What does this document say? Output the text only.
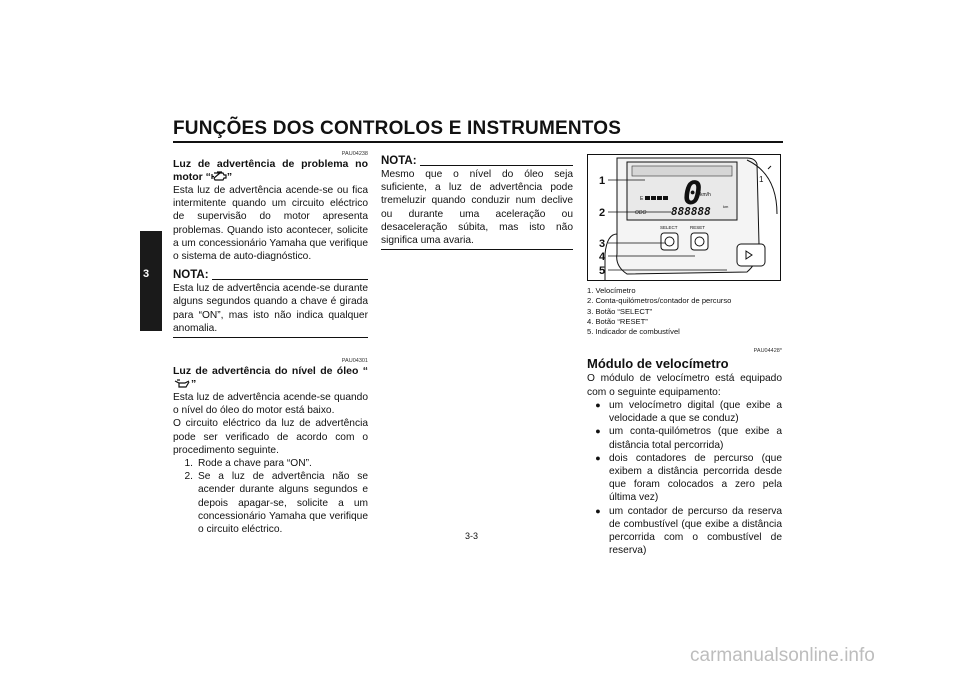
FUNÇÕES DOS CONTROLOS E INSTRUMENTOS
3
PAU04238
Luz de advertência de problema no motor “ ”

Esta luz de advertência acende-se ou fica intermitente quando um circuito eléctrico de supervisão do motor apresenta problemas. Quando isto acontecer, solicite a um concessionário Yamaha que verifique o sistema de auto-diagnóstico.

NOTA:

Esta luz de advertência acende-se durante alguns segundos quando a chave é girada para “ON”, mas isto não indica qualquer anomalia.

PAU04301
Luz de advertência do nível de óleo “”

Esta luz de advertência acende-se quando o nível do óleo do motor está baixo.

O circuito eléctrico da luz de advertência pode ser verificado de acordo com o procedimento seguinte.

1. Rode a chave para “ON”.
2. Se a luz de advertência não se acender durante alguns segundos e depois apagar-se, solicite a um concessionário Yamaha que verifique o circuito eléctrico.
NOTA:

Mesmo que o nível do óleo seja suficiente, a luz de advertência pode tremeluzir quando conduzir num declive ou durante uma aceleração ou desaceleração súbita, mas isto não significa uma avaria.

0
km/h
E
ODO 888888	km
SELECT	RESET
1
1
2
3
4
5
1. Velocímetro
2. Conta-quilómetros/contador de percurso
3. Botão “SELECT”
4. Botão “RESET”
5. Indicador de combustível
PAU04428*
Módulo de velocímetro

O módulo de velocímetro está equipado com o seguinte equipamento:

● um velocímetro digital (que exibe a velocidade a que se conduz)
● um conta-quilómetros (que exibe a distância total percorrida)
● dois contadores de percurso (que exibem a distância percorrida desde que foram colocados a zero pela última vez)
● um contador de percurso da reserva de combustível (que exibe a distância percorrida com o combustível de reserva)
3-3
carmanualsonline.info
